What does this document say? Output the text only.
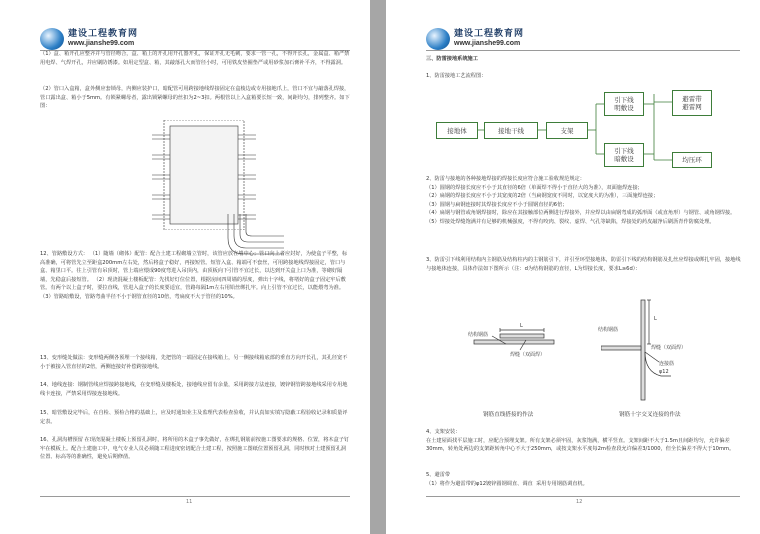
建设工程教育网
www.jianshe99.com
（1）盒、箱开孔应整齐并与管径吻合，盒、箱上的开孔用开孔器开孔，保证开孔无毛刺，要求一管一孔，不得开长孔，金属盒、箱严禁用电焊、气焊开孔，并应刷防锈漆。如用定型盒、箱，其敲落孔大而管径小时，可用铁皮垫圈垫严或用砂浆加石膏补平齐，不得露洞。
（2）管口入盒箱，盒外侧应套锁母，内侧应装护口，暗配管可用跨接地线焊接固定在盒棱边或专用接地爪上，管口不宜与敲落孔焊接，管口露出盒、箱小于5mm。有锁紧螺母者，露出锁紧螺母的丝扣为2~3扣。两根管以上入盒箱要长短一致，间距均匀，排列整齐。如下图：
12、管路敷设方式： （1）随墙（砌体）配管：配合土建工程砌墙立管时，该管应放在墙中心；管口向上者应封好，为使盒子平整，标高准确，可将管先立至距盒200mm左右处，然后将盒子稳好，再接短管。短管入盒、箱端可不套丝，可用跨接地线焊接固定，管口与盒、箱里口平。往上引管有吊顶时，管上端应煨成90度弯进入吊顶内，由顶板向下引管不宜过长，以达到开关盒上口为准，等砌好隔墙，先稳盒后接短管。 （2）现浇混凝土楼板配管：先找好灯位位置，根据房间四周墙的厚度，弹出十字线，将堵好的盒子固定牢后敷管。有两个以上盒子时，要拉直线，管进入盒子的长度要适宜，管路每隔1m左右用铅丝绑扎牢。向上引管不宜过长，以能煨弯为准。 （3）管路暗敷设，管路弯曲半径不小于钢管直径的10倍，弯扁度不大于管径的10%。
13、变形缝处做法：变形缝两侧各预埋一个接线箱，先把管的一端固定在接线箱上，另一侧接线箱底部的垂直方向开长孔，其孔径宽不小于被接入管直径的2倍，两侧连接好补偿跨接地线。
14、地线连接：钢制管线应焊接跨接地线，在变形缝及楼板处，接地线应留有余量，采用跨接方法连接，镀锌钢管跨接地线采用专用地线卡连接，严禁采用焊接连接地线。
15、暗管敷设完毕后，在自检、预检合格的基础上，应及时通知业主及监理代表检查验收，并认真如实填写隐蔽工程验收记录和质量评定表。
16、孔洞沟槽预留 在现浇混凝土楼板上预留孔洞时，将所用的木盒子事先做好，在绑扎钢筋前按施工图要求的规格、位置，将木盒子钉牢在模板上。配合土建施工中，电气专业人员必须随工程进度密切配合土建工程，按照施工图纸位置预留孔洞，同时核对土建预留孔洞位置、标高等的准确性，避免后期修凿。
11
建设工程教育网
www.jianshe99.com
三、防雷接地系统施工
1、防雷接地工艺流程图：
接地体	接地干线	支架
引下线
明敷设
引下线
暗敷设
避雷带
避雷网
均压环
2、防雷与接地的各种接地焊接的焊接长度应符合施工验收规范规定：
（1）圆钢的焊接长度应不小于其直径的6倍（单面焊不得小于直径大的为准），双面施焊连接；
（2）扁钢的焊接长度应不小于其宽度的2倍（当扁钢宽度不同时，以宽度大的为准），三面施焊连接；
（3）圆钢与扁钢连接时其焊接长度应不小于圆钢直径的6倍；
（4）扁钢与钢管或角钢焊接时，除应在其接触部位两侧进行焊接外，并应焊以由扁钢弯成的弧形面（或直角形）与钢管、或角钢焊接。
（5）焊接处焊缝饱满并有足够的机械强度，不得有咬肉、裂纹、虚焊、气孔等缺陷，焊接处的药皮敲净后刷沥青作防腐处理。
3、防雷引下线利用结构内主钢筋及结构柱内的主钢筋引下，并引至环型接地体，防雷引下线的结构钢筋及扎丝应焊接或绑扎牢固，接地线与接地体连接，具体作法如下图所示（注：d为结构钢筋的直径，L为焊接长度，要求L≥6d）：
结构钢筋
焊缝（双面焊）
L
钢筋直线搭接的作法
结构钢筋
焊缝（双面焊）
连接筋
φ12
L
钢筋十字交叉连接的作法
4、支架安装：
在土建屋面找平层施工时，应配合预埋支架。所有支架必须牢固，灰浆饱满，横平竖直。支架间距不大于1.5m且间距均匀，允许偏差30mm，转角处两边的支架距转角中心不大于250mm，或按支架水平度每2m检查段允许偏差3/1000，但全长偏差不得大于10mm。
5、避雷带
（1）将作为避雷带的φ12镀锌圆钢调直、调直  采用专用钢筋调直机。
12
